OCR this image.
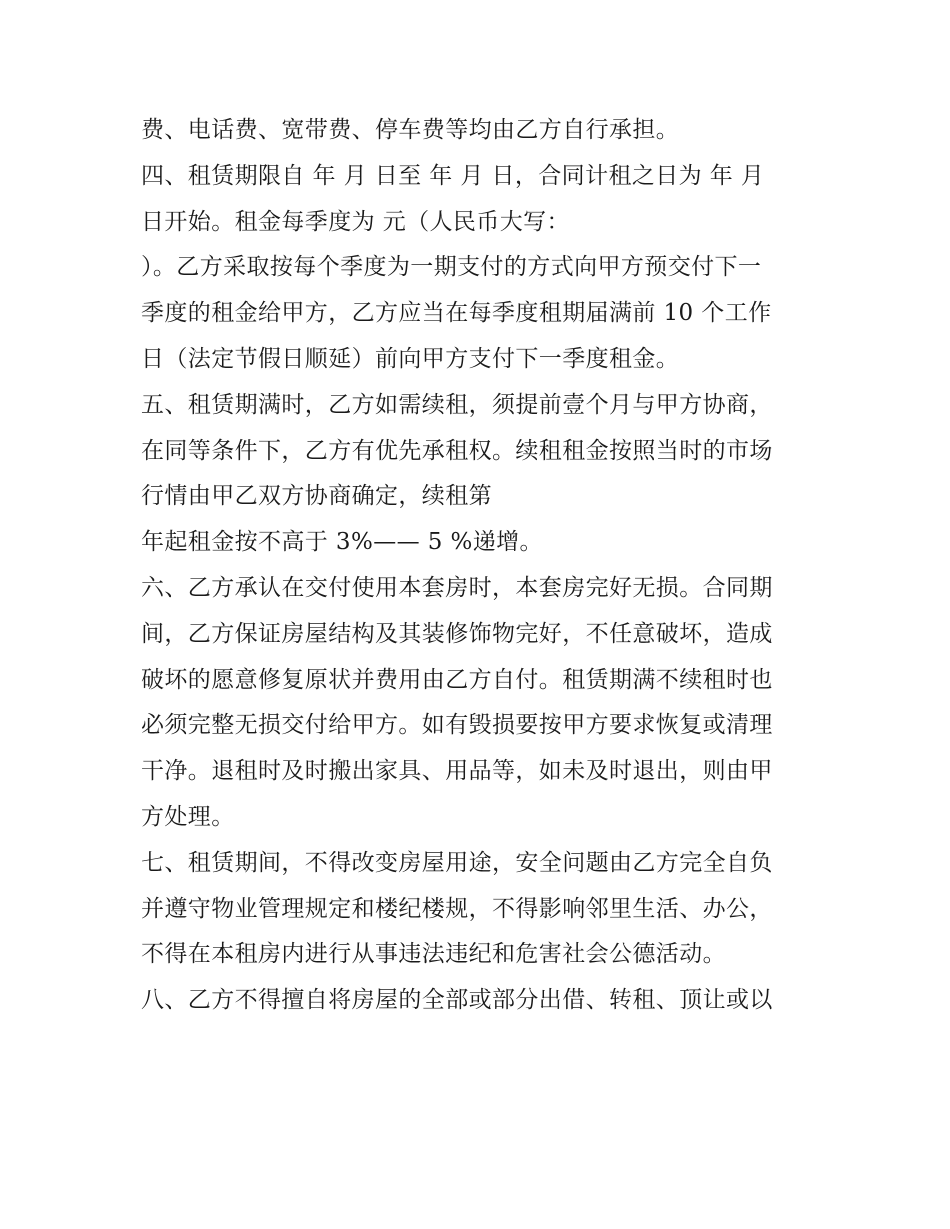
费、电话费、宽带费、停车费等均由乙方自行承担。
四、租赁期限自 年 月 日至 年 月 日，合同计租之日为 年 月
日开始。租金每季度为 元（人民币大写：
）。乙方采取按每个季度为一期支付的方式向甲方预交付下一
季度的租金给甲方，乙方应当在每季度租期届满前 10 个工作
日（法定节假日顺延）前向甲方支付下一季度租金。
五、租赁期满时，乙方如需续租，须提前壹个月与甲方协商，
在同等条件下，乙方有优先承租权。续租租金按照当时的市场
行情由甲乙双方协商确定，续租第
年起租金按不高于 3%—— 5 %递增。
六、乙方承认在交付使用本套房时，本套房完好无损。合同期
间，乙方保证房屋结构及其装修饰物完好，不任意破坏，造成
破坏的愿意修复原状并费用由乙方自付。租赁期满不续租时也
必须完整无损交付给甲方。如有毁损要按甲方要求恢复或清理
干净。退租时及时搬出家具、用品等，如未及时退出，则由甲
方处理。
七、租赁期间，不得改变房屋用途，安全问题由乙方完全自负
并遵守物业管理规定和楼纪楼规，不得影响邻里生活、办公，
不得在本租房内进行从事违法违纪和危害社会公德活动。
八、乙方不得擅自将房屋的全部或部分出借、转租、顶让或以
